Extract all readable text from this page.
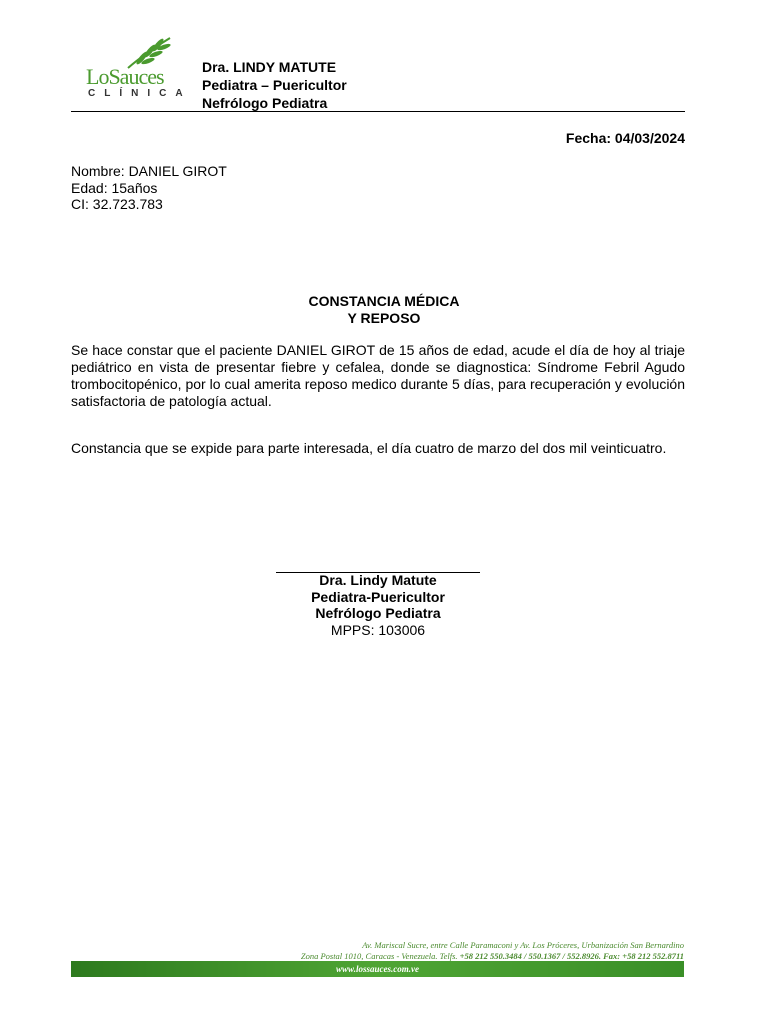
LoSauces
CLÍNICA
Dra. LINDY MATUTE
Pediatra – Puericultor
Nefrólogo Pediatra
Fecha: 04/03/2024
Nombre: DANIEL GIROT
Edad: 15años
CI: 32.723.783
CONSTANCIA MÉDICA
Y REPOSO
Se hace constar que el paciente DANIEL GIROT de 15 años de edad, acude el día de hoy al triaje pediátrico en vista de presentar fiebre y cefalea, donde se diagnostica: Síndrome Febril Agudo trombocitopénico, por lo cual amerita reposo medico durante 5 días, para recuperación y evolución satisfactoria de patología actual.
Constancia que se expide para parte interesada, el día cuatro de marzo del dos mil veinticuatro.
Dra. Lindy Matute
Pediatra-Puericultor
Nefrólogo Pediatra
MPPS: 103006
Av. Mariscal Sucre, entre Calle Paramaconi y Av. Los Próceres, Urbanización San Bernardino
Zona Postal 1010, Caracas - Venezuela. Telfs. +58 212 550.3484 / 550.1367 / 552.8926. Fax: +58 212 552.8711
www.lossauces.com.ve
